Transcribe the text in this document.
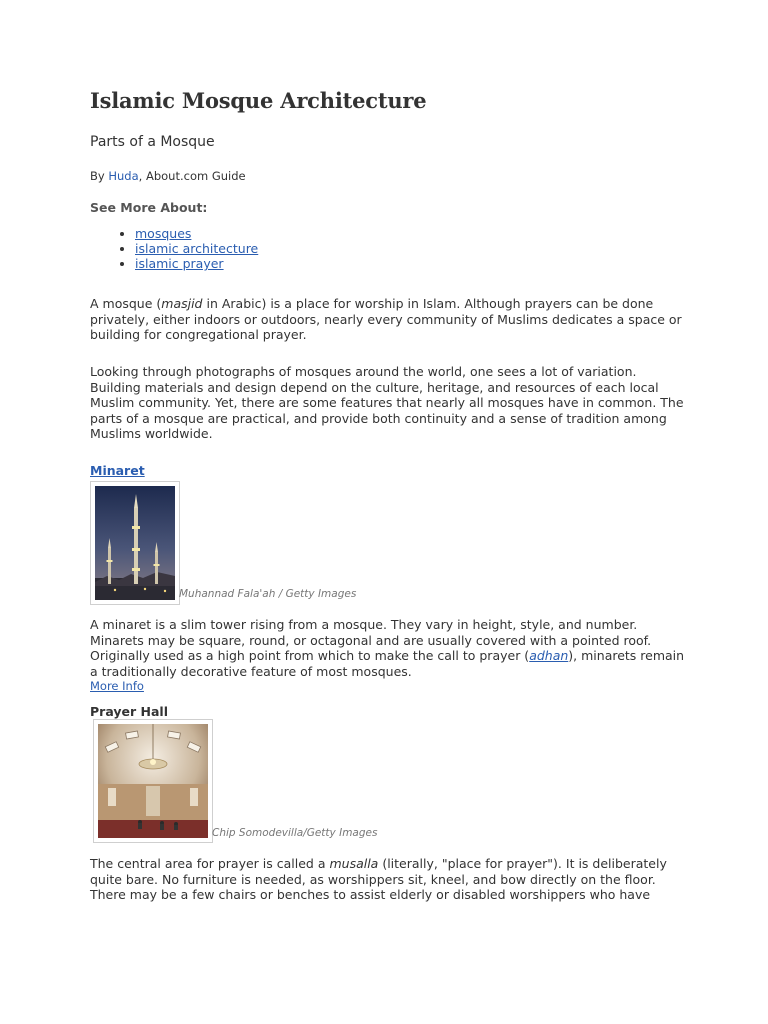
Islamic Mosque Architecture
Parts of a Mosque
By Huda, About.com Guide
See More About:
• mosques
• islamic architecture
• islamic prayer

A mosque (masjid in Arabic) is a place for worship in Islam. Although prayers can be done privately, either indoors or outdoors, nearly every community of Muslims dedicates a space or building for congregational prayer.

Looking through photographs of mosques around the world, one sees a lot of variation. Building materials and design depend on the culture, heritage, and resources of each local Muslim community. Yet, there are some features that nearly all mosques have in common. The parts of a mosque are practical, and provide both continuity and a sense of tradition among Muslims worldwide.

Minaret
Muhannad Fala'ah / Getty Images

A minaret is a slim tower rising from a mosque. They vary in height, style, and number. Minarets may be square, round, or octagonal and are usually covered with a pointed roof. Originally used as a high point from which to make the call to prayer (adhan), minarets remain a traditionally decorative feature of most mosques.

More Info
Prayer Hall
Chip Somodevilla/Getty Images

The central area for prayer is called a musalla (literally, "place for prayer"). It is deliberately quite bare. No furniture is needed, as worshippers sit, kneel, and bow directly on the floor. There may be a few chairs or benches to assist elderly or disabled worshippers who have
